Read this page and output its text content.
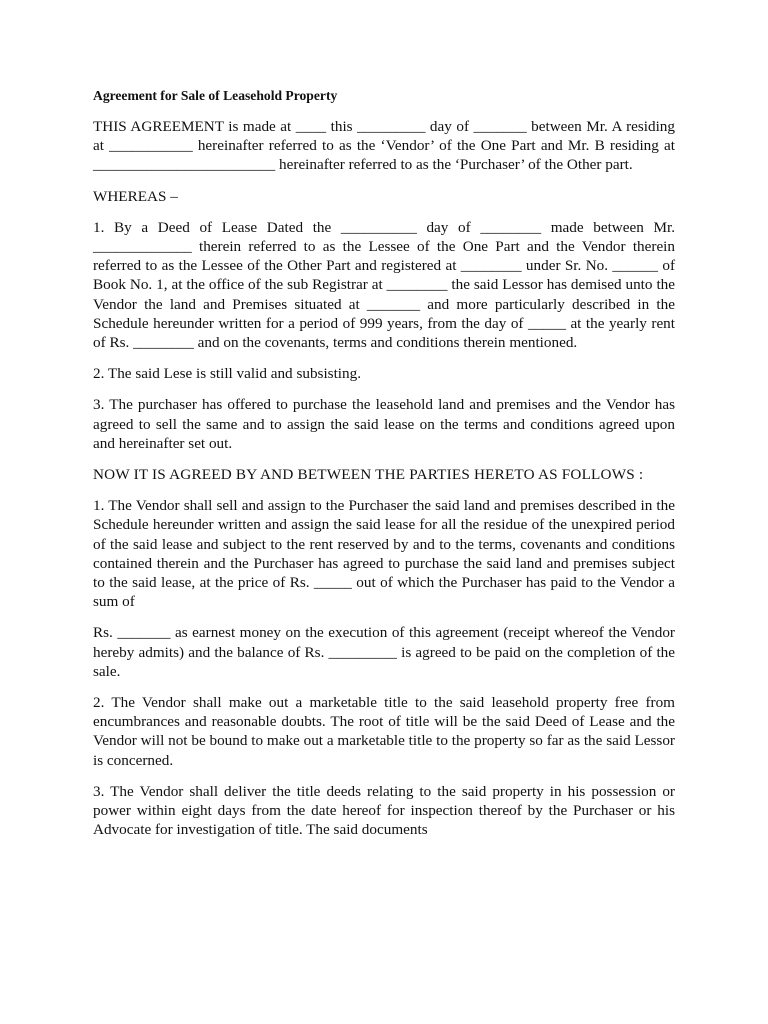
Agreement for Sale of Leasehold Property

THIS AGREEMENT is made at ____ this _________ day of _______ between Mr. A residing at ___________ hereinafter referred to as the ‘Vendor’ of the One Part and Mr. B residing at ________________________ hereinafter referred to as the ‘Purchaser’ of the Other part.

WHEREAS –

1. By a Deed of Lease Dated the __________ day of ________ made between Mr. _____________ therein referred to as the Lessee of the One Part and the Vendor therein referred to as the Lessee of the Other Part and registered at ________ under Sr. No. ______ of Book No. 1, at the office of the sub Registrar at ________ the said Lessor has demised unto the Vendor the land and Premises situated at _______ and more particularly described in the Schedule hereunder written for a period of 999 years, from the day of _____ at the yearly rent of Rs. ________ and on the covenants, terms and conditions therein mentioned.

2. The said Lese is still valid and subsisting.

3. The purchaser has offered to purchase the leasehold land and premises and the Vendor has agreed to sell the same and to assign the said lease on the terms and conditions agreed upon and hereinafter set out.

NOW IT IS AGREED BY AND BETWEEN THE PARTIES HERETO AS FOLLOWS :

1. The Vendor shall sell and assign to the Purchaser the said land and premises described in the Schedule hereunder written and assign the said lease for all the residue of the unexpired period of the said lease and subject to the rent reserved by and to the terms, covenants and conditions contained therein and the Purchaser has agreed to purchase the said land and premises subject to the said lease, at the price of Rs. _____ out of which the Purchaser has paid to the Vendor a sum of

Rs. _______ as earnest money on the execution of this agreement (receipt whereof the Vendor hereby admits) and the balance of Rs. _________ is agreed to be paid on the completion of the sale.

2. The Vendor shall make out a marketable title to the said leasehold property free from encumbrances and reasonable doubts. The root of title will be the said Deed of Lease and the Vendor will not be bound to make out a marketable title to the property so far as the said Lessor is concerned.

3. The Vendor shall deliver the title deeds relating to the said property in his possession or power within eight days from the date hereof for inspection thereof by the Purchaser or his Advocate for investigation of title. The said documents
